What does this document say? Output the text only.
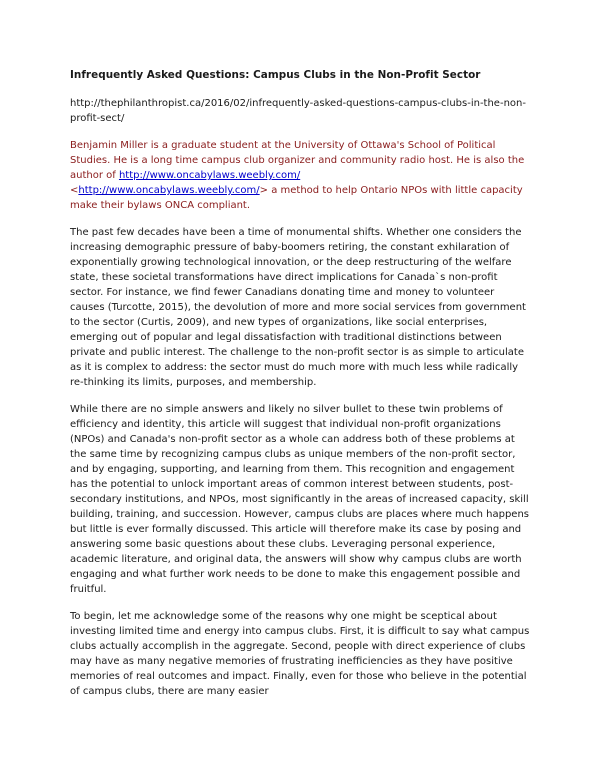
Infrequently Asked Questions: Campus Clubs in the Non-Profit Sector
http://thephilanthropist.ca/2016/02/infrequently-asked-questions-campus-clubs-in-the-non-profit-sect/
Benjamin Miller is a graduate student at the University of Ottawa's School of Political Studies. He is a long time campus club organizer and community radio host. He is also the author of http://www.oncabylaws.weebly.com/
<http://www.oncabylaws.weebly.com/> a method to help Ontario NPOs with little capacity make their bylaws ONCA compliant.

The past few decades have been a time of monumental shifts. Whether one considers the increasing demographic pressure of baby-boomers retiring, the constant exhilaration of exponentially growing technological innovation, or the deep restructuring of the welfare state, these societal transformations have direct implications for Canada`s non-profit sector. For instance, we find fewer Canadians donating time and money to volunteer causes (Turcotte, 2015), the devolution of more and more social services from government to the sector (Curtis, 2009), and new types of organizations, like social enterprises, emerging out of popular and legal dissatisfaction with traditional distinctions between private and public interest. The challenge to the non-profit sector is as simple to articulate as it is complex to address: the sector must do much more with much less while radically re-thinking its limits, purposes, and membership.

While there are no simple answers and likely no silver bullet to these twin problems of efficiency and identity, this article will suggest that individual non-profit organizations (NPOs) and Canada's non-profit sector as a whole can address both of these problems at the same time by recognizing campus clubs as unique members of the non-profit sector, and by engaging, supporting, and learning from them. This recognition and engagement has the potential to unlock important areas of common interest between students, post-secondary institutions, and NPOs, most significantly in the areas of increased capacity, skill building, training, and succession. However, campus clubs are places where much happens but little is ever formally discussed. This article will therefore make its case by posing and answering some basic questions about these clubs. Leveraging personal experience, academic literature, and original data, the answers will show why campus clubs are worth engaging and what further work needs to be done to make this engagement possible and fruitful.

To begin, let me acknowledge some of the reasons why one might be sceptical about investing limited time and energy into campus clubs. First, it is difficult to say what campus clubs actually accomplish in the aggregate. Second, people with direct experience of clubs may have as many negative memories of frustrating inefficiencies as they have positive memories of real outcomes and impact. Finally, even for those who believe in the potential of campus clubs, there are many easier
